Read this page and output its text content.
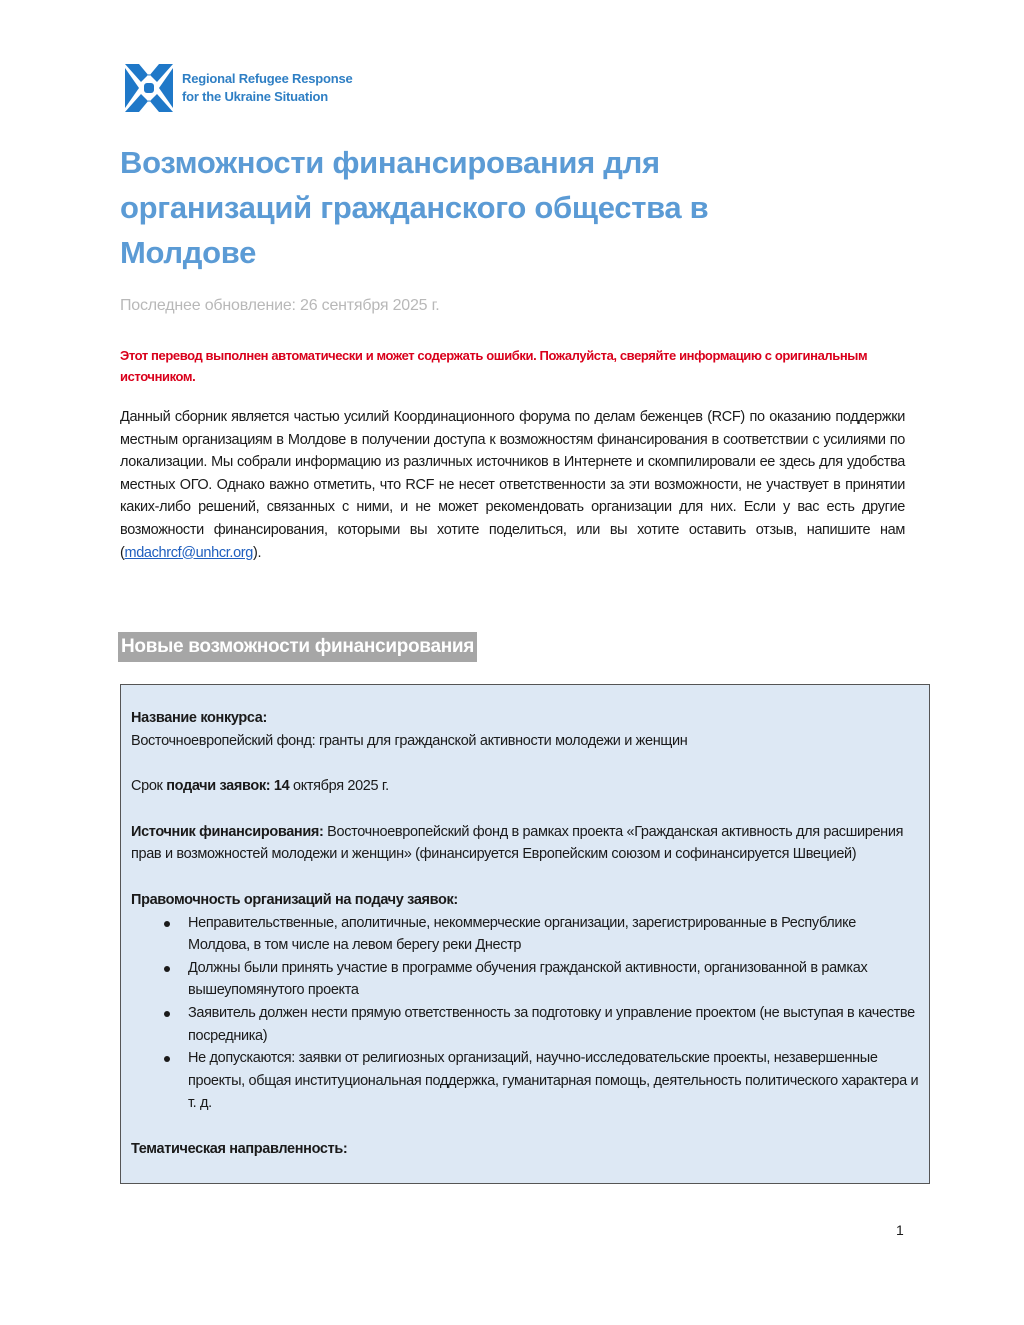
Regional Refugee Response
for the Ukraine Situation
Возможности финансирования для организаций гражданского общества в Молдове
Последнее обновление: 26 сентября 2025 г.
Этот перевод выполнен автоматически и может содержать ошибки. Пожалуйста, сверяйте информацию с оригинальным источником.
Данный сборник является частью усилий Координационного форума по делам беженцев (RCF) по оказанию поддержки местным организациям в Молдове в получении доступа к возможностям финансирования в соответствии с усилиями по локализации. Мы собрали информацию из различных источников в Интернете и скомпилировали ее здесь для удобства местных ОГО. Однако важно отметить, что RCF не несет ответственности за эти возможности, не участвует в принятии каких-либо решений, связанных с ними, и не может рекомендовать организации для них. Если у вас есть другие возможности финансирования, которыми вы хотите поделиться, или вы хотите оставить отзыв, напишите нам (mdachrcf@unhcr.org).
Новые возможности финансирования

Название конкурса:
Восточноевропейский фонд: гранты для гражданской активности молодежи и женщин

Срок подачи заявок: 14 октября 2025 г.

Источник финансирования: Восточноевропейский фонд в рамках проекта «Гражданская активность для расширения прав и возможностей молодежи и женщин» (финансируется Европейским союзом и софинансируется Швецией)

Правомочность организаций на подачу заявок:
Неправительственные, аполитичные, некоммерческие организации, зарегистрированные в Республике Молдова, в том числе на левом берегу реки Днестр
Должны были принять участие в программе обучения гражданской активности, организованной в рамках вышеупомянутого проекта
Заявитель должен нести прямую ответственность за подготовку и управление проектом (не выступая в качестве посредника)
Не допускаются: заявки от религиозных организаций, научно-исследовательские проекты, незавершенные проекты, общая институциональная поддержка, гуманитарная помощь, деятельность политического характера и т. д.

Тематическая направленность:

1
